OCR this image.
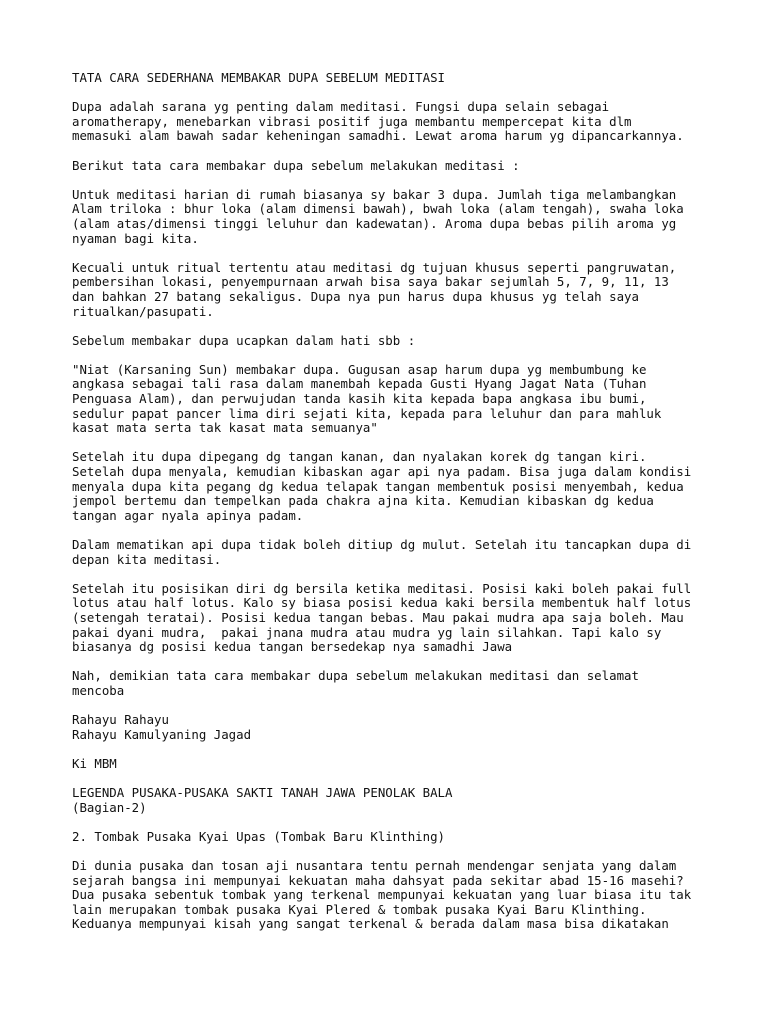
TATA CARA SEDERHANA MEMBAKAR DUPA SEBELUM MEDITASI
Dupa adalah sarana yg penting dalam meditasi. Fungsi dupa selain sebagai
aromatherapy, menebarkan vibrasi positif juga membantu mempercepat kita dlm
memasuki alam bawah sadar keheningan samadhi. Lewat aroma harum yg dipancarkannya.
Berikut tata cara membakar dupa sebelum melakukan meditasi :
Untuk meditasi harian di rumah biasanya sy bakar 3 dupa. Jumlah tiga melambangkan
Alam triloka : bhur loka (alam dimensi bawah), bwah loka (alam tengah), swaha loka
(alam atas/dimensi tinggi leluhur dan kadewatan). Aroma dupa bebas pilih aroma yg
nyaman bagi kita.
Kecuali untuk ritual tertentu atau meditasi dg tujuan khusus seperti pangruwatan,
pembersihan lokasi, penyempurnaan arwah bisa saya bakar sejumlah 5, 7, 9, 11, 13
dan bahkan 27 batang sekaligus. Dupa nya pun harus dupa khusus yg telah saya
ritualkan/pasupati.
Sebelum membakar dupa ucapkan dalam hati sbb :
"Niat (Karsaning Sun) membakar dupa. Gugusan asap harum dupa yg membumbung ke
angkasa sebagai tali rasa dalam manembah kepada Gusti Hyang Jagat Nata (Tuhan
Penguasa Alam), dan perwujudan tanda kasih kita kepada bapa angkasa ibu bumi,
sedulur papat pancer lima diri sejati kita, kepada para leluhur dan para mahluk
kasat mata serta tak kasat mata semuanya"
Setelah itu dupa dipegang dg tangan kanan, dan nyalakan korek dg tangan kiri.
Setelah dupa menyala, kemudian kibaskan agar api nya padam. Bisa juga dalam kondisi
menyala dupa kita pegang dg kedua telapak tangan membentuk posisi menyembah, kedua
jempol bertemu dan tempelkan pada chakra ajna kita. Kemudian kibaskan dg kedua
tangan agar nyala apinya padam.
Dalam mematikan api dupa tidak boleh ditiup dg mulut. Setelah itu tancapkan dupa di
depan kita meditasi.
Setelah itu posisikan diri dg bersila ketika meditasi. Posisi kaki boleh pakai full
lotus atau half lotus. Kalo sy biasa posisi kedua kaki bersila membentuk half lotus
(setengah teratai). Posisi kedua tangan bebas. Mau pakai mudra apa saja boleh. Mau
pakai dyani mudra,  pakai jnana mudra atau mudra yg lain silahkan. Tapi kalo sy
biasanya dg posisi kedua tangan bersedekap nya samadhi Jawa
Nah, demikian tata cara membakar dupa sebelum melakukan meditasi dan selamat
mencoba
Rahayu Rahayu
Rahayu Kamulyaning Jagad
Ki MBM
LEGENDA PUSAKA-PUSAKA SAKTI TANAH JAWA PENOLAK BALA
(Bagian-2)
2. Tombak Pusaka Kyai Upas (Tombak Baru Klinthing)
Di dunia pusaka dan tosan aji nusantara tentu pernah mendengar senjata yang dalam
sejarah bangsa ini mempunyai kekuatan maha dahsyat pada sekitar abad 15-16 masehi?
Dua pusaka sebentuk tombak yang terkenal mempunyai kekuatan yang luar biasa itu tak
lain merupakan tombak pusaka Kyai Plered & tombak pusaka Kyai Baru Klinthing.
Keduanya mempunyai kisah yang sangat terkenal & berada dalam masa bisa dikatakan
